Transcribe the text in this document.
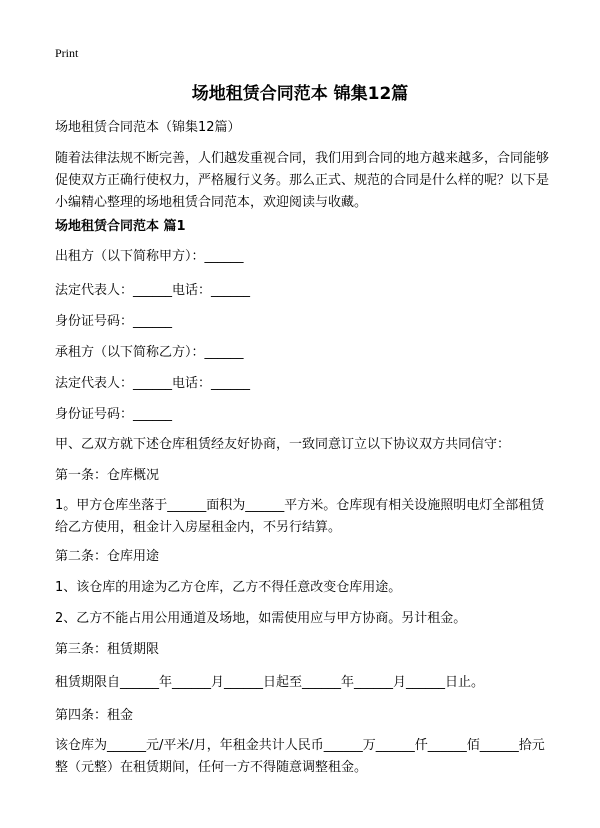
Print
场地租赁合同范本 锦集12篇
场地租赁合同范本（锦集12篇）
随着法律法规不断完善，人们越发重视合同，我们用到合同的地方越来越多，合同能够促使双方正确行使权力，严格履行义务。那么正式、规范的合同是什么样的呢？以下是小编精心整理的场地租赁合同范本，欢迎阅读与收藏。
场地租赁合同范本 篇1
出租方（以下简称甲方）：______
法定代表人：______电话：______
身份证号码：______
承租方（以下简称乙方）：______
法定代表人：______电话：______
身份证号码：______
甲、乙双方就下述仓库租赁经友好协商，一致同意订立以下协议双方共同信守：
第一条：仓库概况
1。甲方仓库坐落于______面积为______平方米。仓库现有相关设施照明电灯全部租赁给乙方使用，租金计入房屋租金内，不另行结算。
第二条：仓库用途
1、该仓库的用途为乙方仓库，乙方不得任意改变仓库用途。
2、乙方不能占用公用通道及场地，如需使用应与甲方协商。另计租金。
第三条：租赁期限
租赁期限自______年______月______日起至______年______月______日止。
第四条：租金
该仓库为______元/平米/月，年租金共计人民币______万______仟______佰______拾元整（元整）在租赁期间，任何一方不得随意调整租金。
